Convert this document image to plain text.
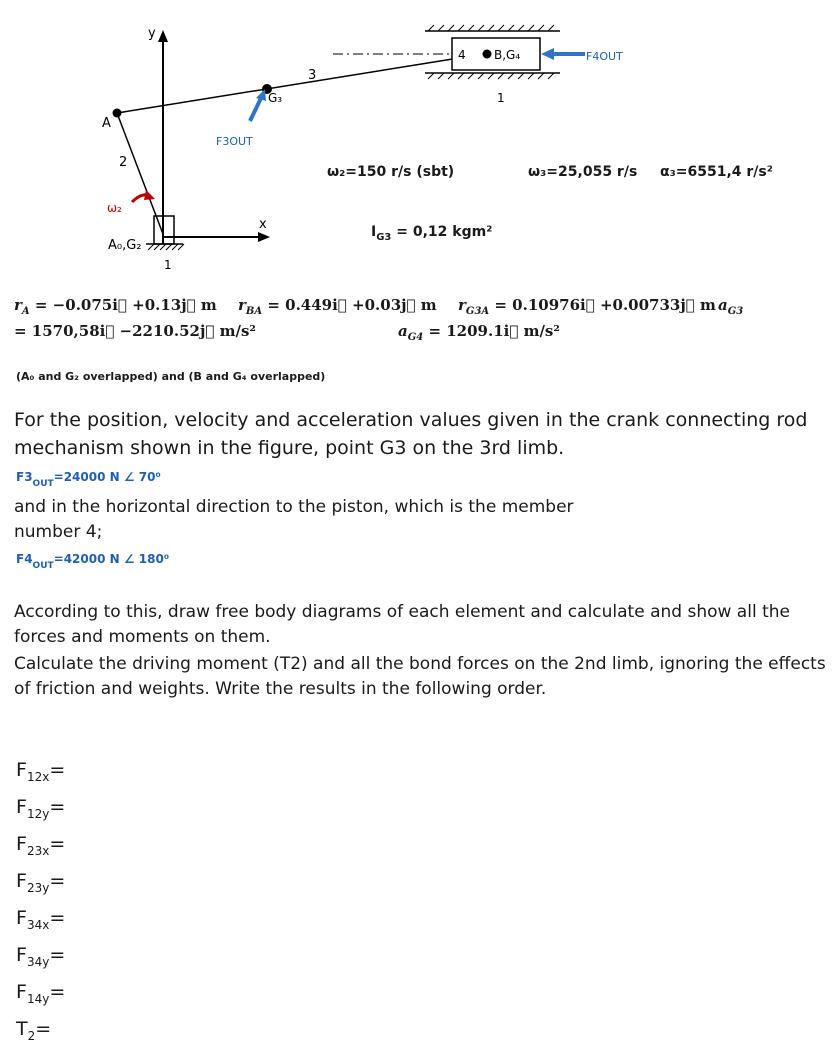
y
x
1
A₀,G₂
A
2
ω₂
G₃
3
F3OUT
4 B,G₄
1
F4OUT
ω₂=150 r/s (sbt)	ω₃=25,055 r/s α₃=6551,4 r/s²
$I_{G3} = 0,12$ kgm²
$r_A$ = −0.075i⃗ +0.13j⃗ m $r_{BA}$ = 0.449i⃗ +0.03j⃗ m $r_{G3A}$ = 0.10976i⃗ +0.00733j⃗ m $a_{G3}$
= 1570,58i⃗ −2210.52j⃗ m/s²	$a_{G4}$ = 1209.1i⃗ m/s²
(A₀ and G₂ overlapped) and (B and G₄ overlapped)
For the position, velocity and acceleration values given in the crank connecting rod mechanism shown in the figure, point G3 on the 3rd limb.
$F3_{OUT}=24000$ N ∠ 70⁰
and in the horizontal direction to the piston, which is the member number 4;
$F4_{OUT}=42000$ N ∠ 180⁰
According to this, draw free body diagrams of each element and calculate and show all the forces and moments on them.
Calculate the driving moment (T2) and all the bond forces on the 2nd limb, ignoring the effects of friction and weights. Write the results in the following order.
$F_{12x}=$
$F_{12y}=$
$F_{23x}=$
$F_{23y}=$
$F_{34x}=$
$F_{34y}=$
$F_{14y}=$
$T_2=$
